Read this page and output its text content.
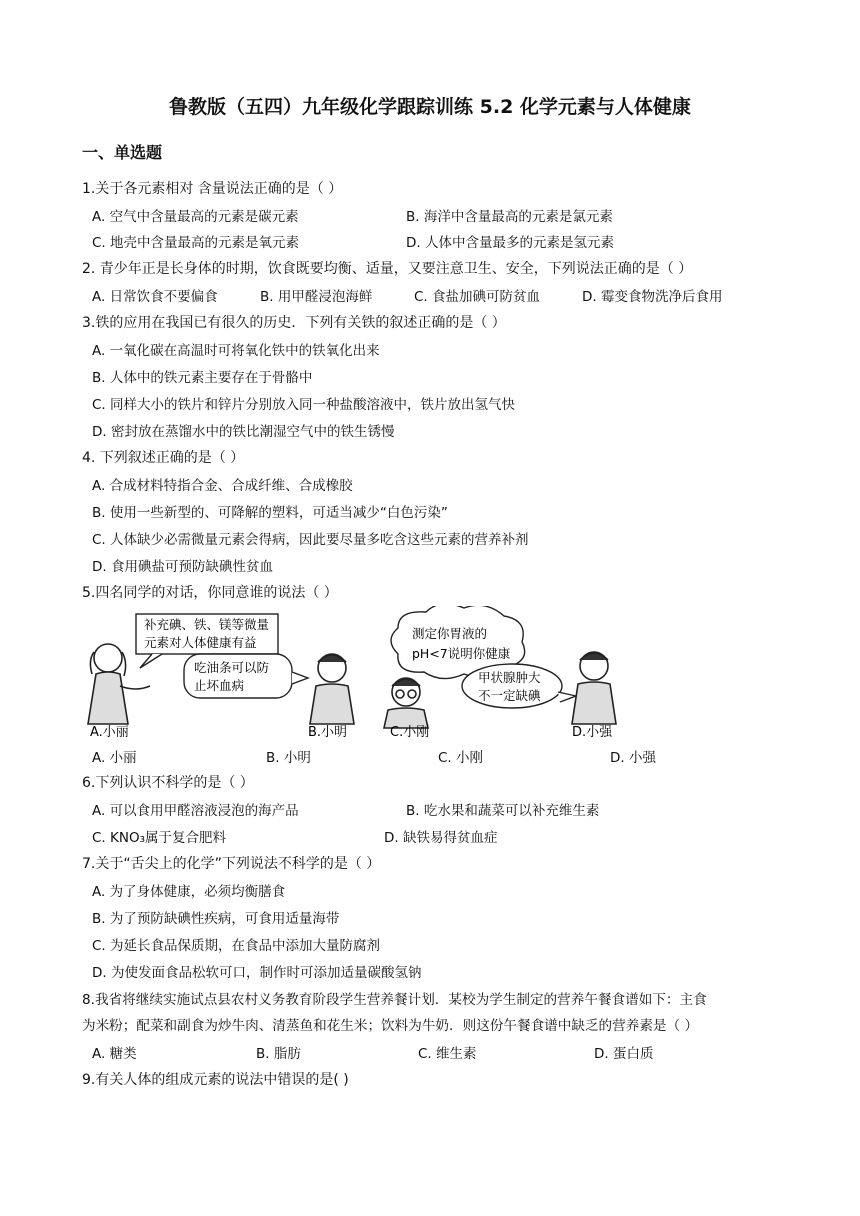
鲁教版（五四）九年级化学跟踪训练 5.2 化学元素与人体健康
一、单选题
1.关于各元素相对 含量说法正确的是（ ）
A. 空气中含量最高的元素是碳元素	B. 海洋中含量最高的元素是氯元素
C. 地壳中含量最高的元素是氧元素	D. 人体中含量最多的元素是氢元素
2. 青少年正是长身体的时期，饮食既要均衡、适量，又要注意卫生、安全，下列说法正确的是（ ）
A. 日常饮食不要偏食	B. 用甲醛浸泡海鲜	C. 食盐加碘可防贫血	D. 霉变食物洗净后食用
3.铁的应用在我国已有很久的历史．下列有关铁的叙述正确的是（ ）
A. 一氧化碳在高温时可将氧化铁中的铁氧化出来
B. 人体中的铁元素主要存在于骨骼中
C. 同样大小的铁片和锌片分别放入同一种盐酸溶液中，铁片放出氢气快
D. 密封放在蒸馏水中的铁比潮湿空气中的铁生锈慢
4. 下列叙述正确的是（ ）
A. 合成材料特指合金、合成纤维、合成橡胶
B. 使用一些新型的、可降解的塑料，可适当减少“白色污染”
C. 人体缺少必需微量元素会得病，因此要尽量多吃含这些元素的营养补剂
D. 食用碘盐可预防缺碘性贫血
5.四名同学的对话，你同意谁的说法（ ）
补充碘、铁、镁等微量
元素对人体健康有益
吃油条可以防
止坏血病
测定你胃液的
pH<7说明你健康
甲状腺肿大
不一定缺碘
A.小丽	B.小明	C.小刚	D.小强
A. 小丽	B. 小明	C. 小刚	D. 小强
6.下列认识不科学的是（ ）
A. 可以食用甲醛溶液浸泡的海产品	B. 吃水果和蔬菜可以补充维生素
C. KNO₃属于复合肥料	D. 缺铁易得贫血症
7.关于“舌尖上的化学”下列说法不科学的是（ ）
A. 为了身体健康，必须均衡膳食
B. 为了预防缺碘性疾病，可食用适量海带
C. 为延长食品保质期，在食品中添加大量防腐剂
D. 为使发面食品松软可口，制作时可添加适量碳酸氢钠
8.我省将继续实施试点县农村义务教育阶段学生营养餐计划．某校为学生制定的营养午餐食谱如下：主食
为米粉；配菜和副食为炒牛肉、清蒸鱼和花生米；饮料为牛奶．则这份午餐食谱中缺乏的营养素是（ ）
A. 糖类	B. 脂肪	C. 维生素	D. 蛋白质
9.有关人体的组成元素的说法中错误的是( )
